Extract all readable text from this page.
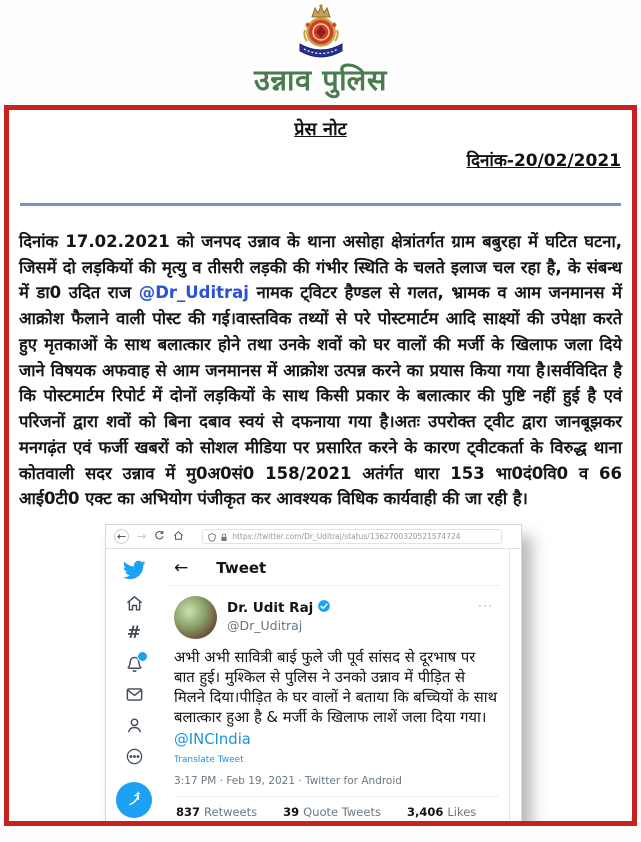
उन्नाव पुलिस
प्रेस नोट
दिनांक-20/02/2021

दिनांक 17.02.2021 को जनपद उन्नाव के थाना असोहा क्षेत्रांतर्गत ग्राम बबुरहा में घटित घटना, जिसमें दो लड़कियों की मृत्यु व तीसरी लड़की की गंभीर स्थिति के चलते इलाज चल रहा है, के संबन्ध में डा0 उदित राज @Dr_Uditraj नामक ट्विटर हैण्डल से गलत, भ्रामक व आम जनमानस में आक्रोश फैलाने वाली पोस्ट की गई।वास्तविक तथ्यों से परे पोस्टमार्टम आदि साक्ष्यों की उपेक्षा करते हुए मृतकाओं के साथ बलात्कार होने तथा उनके शवों को घर वालों की मर्जी के खिलाफ जला दिये जाने विषयक अफवाह से आम जनमानस में आक्रोश उत्पन्न करने का प्रयास किया गया है।सर्वविदित है कि पोस्टमार्टम रिपोर्ट में दोनों लड़कियों के साथ किसी प्रकार के बलात्कार की पुष्टि नहीं हुई है एवं परिजनों द्वारा शवों को बिना दबाव स्वयं से दफनाया गया है।अतः उपरोक्त ट्वीट द्वारा जानबूझकर मनगढ़ंत एवं फर्जी खबरों को सोशल मीडिया पर प्रसारित करने के कारण ट्वीटकर्ता के विरुद्ध थाना कोतवाली सदर उन्नाव में मु0अ0सं0 158/2021 अतंर्गत धारा 153 भा0दं0वि0 व 66 आई0टी0 एक्ट का अभियोग पंजीकृत कर आवश्यक विधिक कार्यवाही की जा रही है।

← →	https://twitter.com/Dr_Uditraj/status/1362700320521574724
#
← Tweet
Dr. Udit Raj
@Dr_Uditraj
···
अभी अभी सावित्री बाई फुले जी पूर्व सांसद से दूरभाष पर बात हुई। मुश्किल से पुलिस ने उनको उन्नाव में पीड़ित से मिलने दिया।पीड़ित के घर वालों ने बताया कि बच्चियों के साथ बलात्कार हुआ है & मर्जी के खिलाफ लाशें जला दिया गया।
@INCIndia
Translate Tweet
3:17 PM · Feb 19, 2021 · Twitter for Android
837 Retweets 39 Quote Tweets 3,406 Likes
